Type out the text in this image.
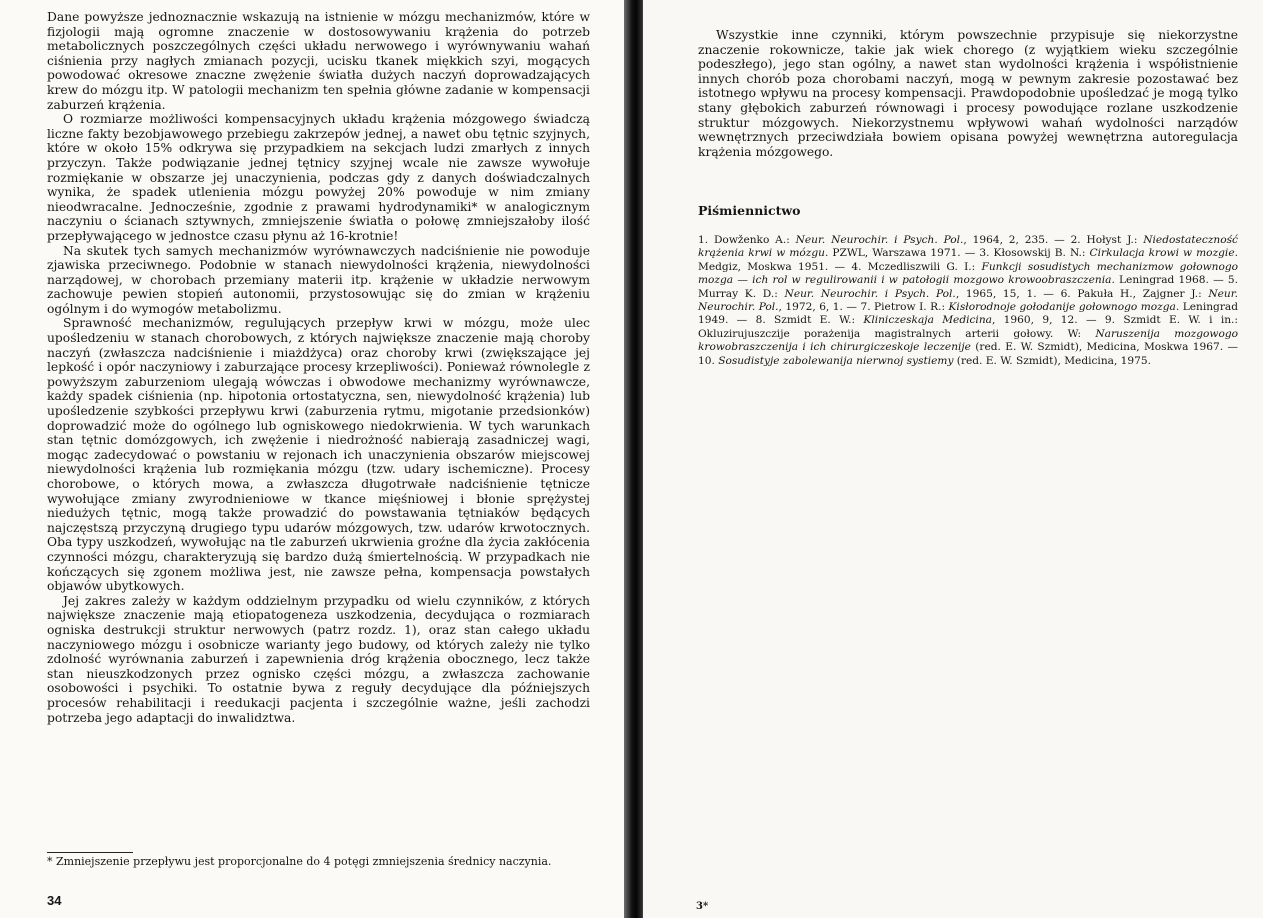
Dane powyższe jednoznacznie wskazują na istnienie w mózgu mechanizmów, które w fizjologii mają ogromne znaczenie w dostosowywaniu krążenia do potrzeb metabolicznych poszczególnych części układu nerwowego i wyrównywaniu wahań ciśnienia przy nagłych zmianach pozycji, ucisku tkanek miękkich szyi, mogących powodować okresowe znaczne zwężenie światła dużych naczyń doprowadzających krew do mózgu itp. W patologii mechanizm ten spełnia główne zadanie w kompensacji zaburzeń krążenia.

O rozmiarze możliwości kompensacyjnych układu krążenia mózgowego świadczą liczne fakty bezobjawowego przebiegu zakrzepów jednej, a nawet obu tętnic szyjnych, które w około 15% odkrywa się przypadkiem na sekcjach ludzi zmarłych z innych przyczyn. Także podwiązanie jednej tętnicy szyjnej wcale nie zawsze wywołuje rozmiękanie w obszarze jej unaczynienia, podczas gdy z danych doświadczalnych wynika, że spadek utlenienia mózgu powyżej 20% powoduje w nim zmiany nieodwracalne. Jednocześnie, zgodnie z prawami hydrodynamiki* w analogicznym naczyniu o ścianach sztywnych, zmniejszenie światła o połowę zmniejszałoby ilość przepływającego w jednostce czasu płynu aż 16-krotnie!

Na skutek tych samych mechanizmów wyrównawczych nadciśnienie nie powoduje zjawiska przeciwnego. Podobnie w stanach niewydolności krążenia, niewydolności narządowej, w chorobach przemiany materii itp. krążenie w układzie nerwowym zachowuje pewien stopień autonomii, przystosowując się do zmian w krążeniu ogólnym i do wymogów metabolizmu.

Sprawność mechanizmów, regulujących przepływ krwi w mózgu, może ulec upośledzeniu w stanach chorobowych, z których największe znaczenie mają choroby naczyń (zwłaszcza nadciśnienie i miażdżyca) oraz choroby krwi (zwiększające jej lepkość i opór naczyniowy i zaburzające procesy krzepliwości). Ponieważ równolegle z powyższym zaburzeniom ulegają wówczas i obwodowe mechanizmy wyrównawcze, każdy spadek ciśnienia (np. hipotonia ortostatyczna, sen, niewydolność krążenia) lub upośledzenie szybkości przepływu krwi (zaburzenia rytmu, migotanie przedsionków) doprowadzić może do ogólnego lub ogniskowego niedokrwienia. W tych warunkach stan tętnic domózgowych, ich zwężenie i niedrożność nabierają zasadniczej wagi, mogąc zadecydować o powstaniu w rejonach ich unaczynienia obszarów miejscowej niewydolności krążenia lub rozmiękania mózgu (tzw. udary ischemiczne). Procesy chorobowe, o których mowa, a zwłaszcza długotrwałe nadciśnienie tętnicze wywołujące zmiany zwyrodnieniowe w tkance mięśniowej i błonie sprężystej niedużych tętnic, mogą także prowadzić do powstawania tętniaków będących najczęstszą przyczyną drugiego typu udarów mózgowych, tzw. udarów krwotocznych. Oba typy uszkodzeń, wywołując na tle zaburzeń ukrwienia groźne dla życia zakłócenia czynności mózgu, charakteryzują się bardzo dużą śmiertelnością. W przypadkach nie kończących się zgonem możliwa jest, nie zawsze pełna, kompensacja powstałych objawów ubytkowych.

Jej zakres zależy w każdym oddzielnym przypadku od wielu czynników, z których największe znaczenie mają etiopatogeneza uszkodzenia, decydująca o rozmiarach ogniska destrukcji struktur nerwowych (patrz rozdz. 1), oraz stan całego układu naczyniowego mózgu i osobnicze warianty jego budowy, od których zależy nie tylko zdolność wyrównania zaburzeń i zapewnienia dróg krążenia obocznego, lecz także stan nieuszkodzonych przez ognisko części mózgu, a zwłaszcza zachowanie osobowości i psychiki. To ostatnie bywa z reguły decydujące dla późniejszych procesów rehabilitacji i reedukacji pacjenta i szczególnie ważne, jeśli zachodzi potrzeba jego adaptacji do inwalidztwa.

* Zmniejszenie przepływu jest proporcjonalne do 4 potęgi zmniejszenia średnicy naczynia.
34

Wszystkie inne czynniki, którym powszechnie przypisuje się niekorzystne znaczenie rokownicze, takie jak wiek chorego (z wyjątkiem wieku szczególnie podeszłego), jego stan ogólny, a nawet stan wydolności krążenia i współistnienie innych chorób poza chorobami naczyń, mogą w pewnym zakresie pozostawać bez istotnego wpływu na procesy kompensacji. Prawdopodobnie upośledzać je mogą tylko stany głębokich zaburzeń równowagi i procesy powodujące rozlane uszkodzenie struktur mózgowych. Niekorzystnemu wpływowi wahań wydolności narządów wewnętrznych przeciwdziała bowiem opisana powyżej wewnętrzna autoregulacja krążenia mózgowego.

Piśmiennictwo
1. Dowženko A.: Neur. Neurochir. i Psych. Pol., 1964, 2, 235. — 2. Hołyst J.: Niedostateczność krążenia krwi w mózgu. PZWL, Warszawa 1971. — 3. Kłosowskij B. N.: Cirkulacja krowi w mozgie. Medgiz, Moskwa 1951. — 4. Mczedliszwili G. I.: Funkcji sosudistych mechanizmow gołownogo mozga — ich rol w regulirowanii i w patołogii mozgowo krowoobraszczenia. Leningrad 1968. — 5. Murray K. D.: Neur. Neurochir. i Psych. Pol., 1965, 15, 1. — 6. Pakuła H., Zajgner J.: Neur. Neurochir. Pol., 1972, 6, 1. — 7. Pietrow I. R.: Kisłorodnoje gołodanije gołownogo mozga. Leningrad 1949. — 8. Szmidt E. W.: Kliniczeskaja Medicina, 1960, 9, 12. — 9. Szmidt E. W. i in.: Okluzirujuszczije porażenija magistralnych arterii gołowy. W: Naruszenija mozgowogo krowobraszczenija i ich chirurgiczeskoje leczenije (red. E. W. Szmidt), Medicina, Moskwa 1967. — 10. Sosudistyje zabolewanija nierwnoj systiemy (red. E. W. Szmidt), Medicina, 1975.
3*
